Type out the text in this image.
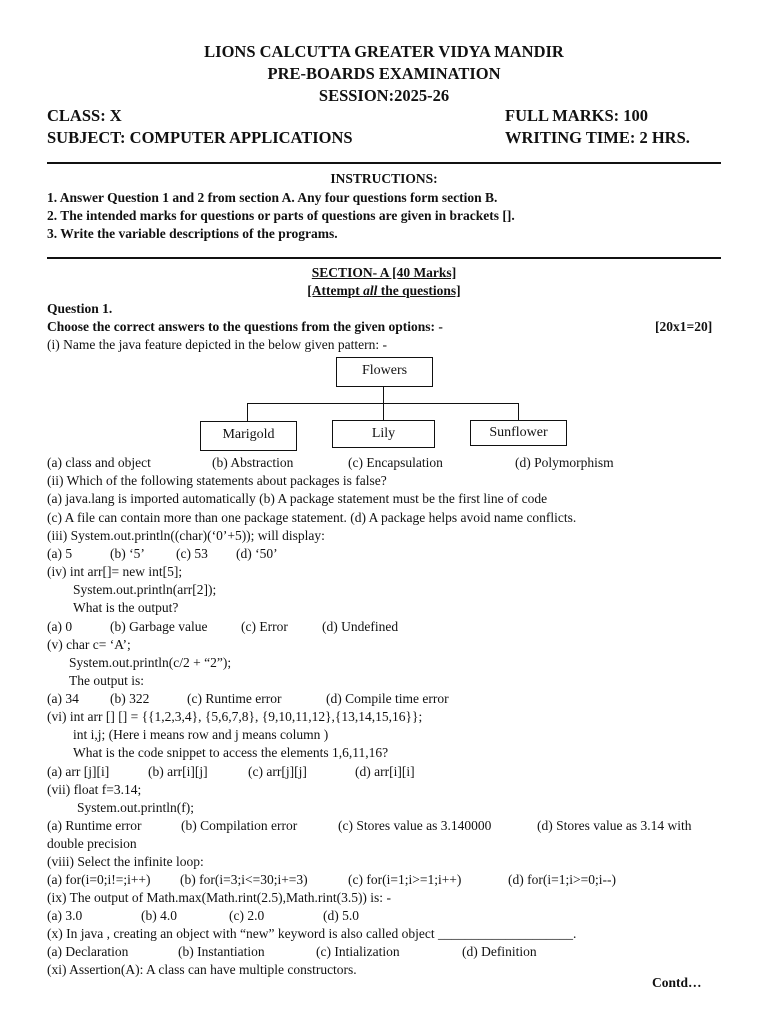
LIONS CALCUTTA GREATER VIDYA MANDIR
PRE-BOARDS EXAMINATION
SESSION:2025-26
CLASS: X	FULL MARKS: 100
SUBJECT: COMPUTER APPLICATIONS	WRITING TIME: 2 HRS.
INSTRUCTIONS:
1. Answer Question 1 and 2 from section A. Any four questions form section B.
2. The intended marks for questions or parts of questions are given in brackets [].
3. Write the variable descriptions of the programs.
SECTION- A [40 Marks]
[Attempt all the questions]
Question 1.
Choose the correct answers to the questions from the given options: -	[20x1=20]
(i) Name the java feature depicted in the below given pattern: -
Flowers
Marigold	Lily	Sunflower
(a) class and object	(b) Abstraction	(c) Encapsulation	(d) Polymorphism
(ii) Which of the following statements about packages is false?
(a) java.lang is imported automatically (b) A package statement must be the first line of code
(c) A file can contain more than one package statement. (d) A package helps avoid name conflicts.
(iii) System.out.println((char)(‘0’+5)); will display:
(a) 5	(b) ‘5’ (c) 53 (d) ‘50’
(iv) int arr[]= new int[5];
System.out.println(arr[2]);
What is the output?
(a) 0	(b) Garbage value (c) Error	(d) Undefined
(v) char c= ‘A’;
System.out.println(c/2 + “2”);
The output is:
(a) 34 (b) 322	(c) Runtime error	(d) Compile time error
(vi) int arr [] [] = {{1,2,3,4}, {5,6,7,8}, {9,10,11,12},{13,14,15,16}};
int i,j; (Here i means row and j means column )
What is the code snippet to access the elements 1,6,11,16?
(a) arr [j][i]	(b) arr[i][j]	(c) arr[j][j]	(d) arr[i][i]
(vii) float f=3.14;
System.out.println(f);
(a) Runtime error	(b) Compilation error	(c) Stores value as 3.140000	(d) Stores value as 3.14 with
double precision
(viii) Select the infinite loop:
(a) for(i=0;i!=;i++) (b) for(i=3;i<=30;i+=3)	(c) for(i=1;i>=1;i++)	(d) for(i=1;i>=0;i--)
(ix) The output of Math.max(Math.rint(2.5),Math.rint(3.5)) is: -
(a) 3.0	(b) 4.0	(c) 2.0	(d) 5.0
(x) In java , creating an object with “new” keyword is also called object ____________________.
(a) Declaration	(b) Instantiation	(c) Intialization	(d) Definition
(xi) Assertion(A): A class can have multiple constructors.
Contd…
